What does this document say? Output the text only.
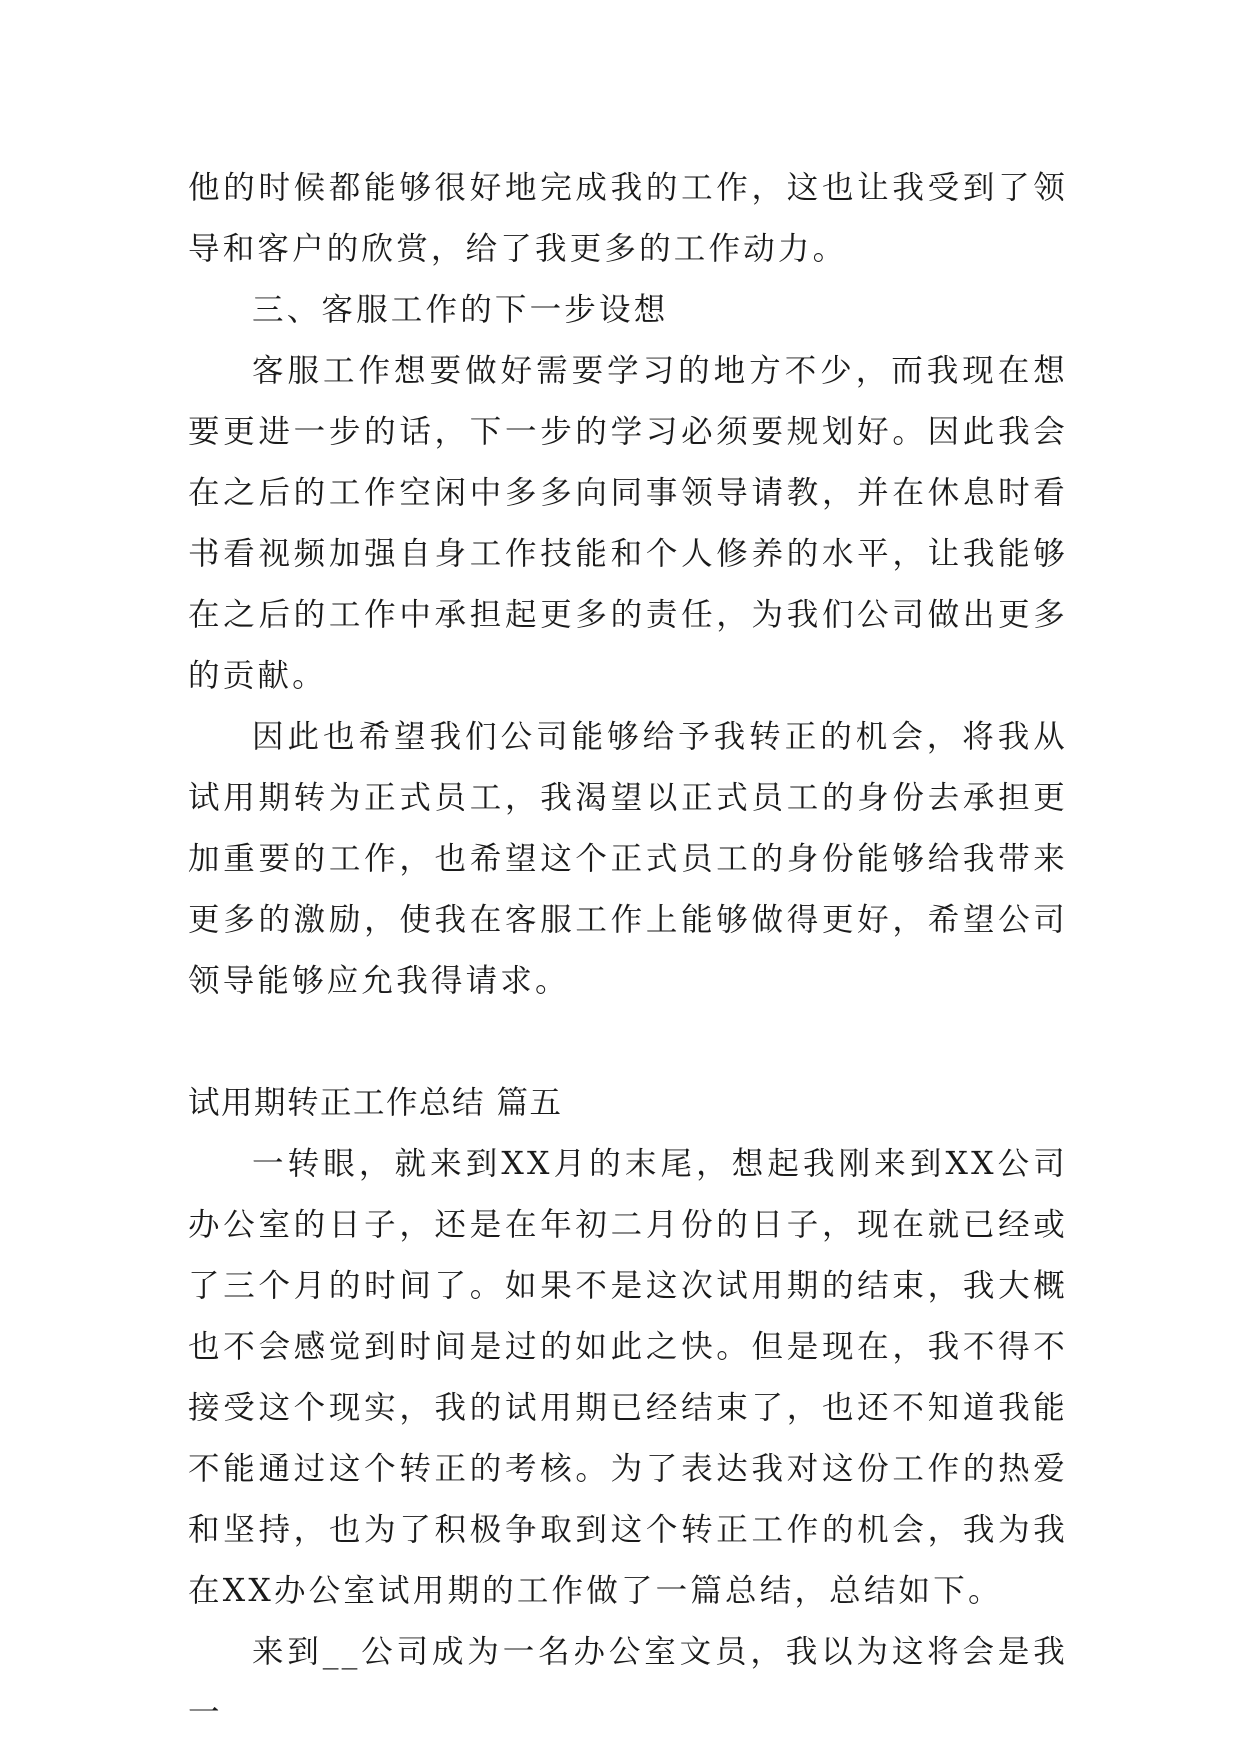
他的时候都能够很好地完成我的工作，这也让我受到了领导和客户的欣赏，给了我更多的工作动力。

三、客服工作的下一步设想

客服工作想要做好需要学习的地方不少，而我现在想要更进一步的话，下一步的学习必须要规划好。因此我会在之后的工作空闲中多多向同事领导请教，并在休息时看书看视频加强自身工作技能和个人修养的水平，让我能够在之后的工作中承担起更多的责任，为我们公司做出更多的贡献。

因此也希望我们公司能够给予我转正的机会，将我从试用期转为正式员工，我渴望以正式员工的身份去承担更加重要的工作，也希望这个正式员工的身份能够给我带来更多的激励，使我在客服工作上能够做得更好，希望公司领导能够应允我得请求。

试用期转正工作总结 篇五

一转眼，就来到XX月的末尾，想起我刚来到XX公司办公室的日子，还是在年初二月份的日子，现在就已经或了三个月的时间了。如果不是这次试用期的结束，我大概也不会感觉到时间是过的如此之快。但是现在，我不得不接受这个现实，我的试用期已经结束了，也还不知道我能不能通过这个转正的考核。为了表达我对这份工作的热爱和坚持，也为了积极争取到这个转正工作的机会，我为我在XX办公室试用期的工作做了一篇总结，总结如下。

来到__公司成为一名办公室文员，我以为这将会是我一
